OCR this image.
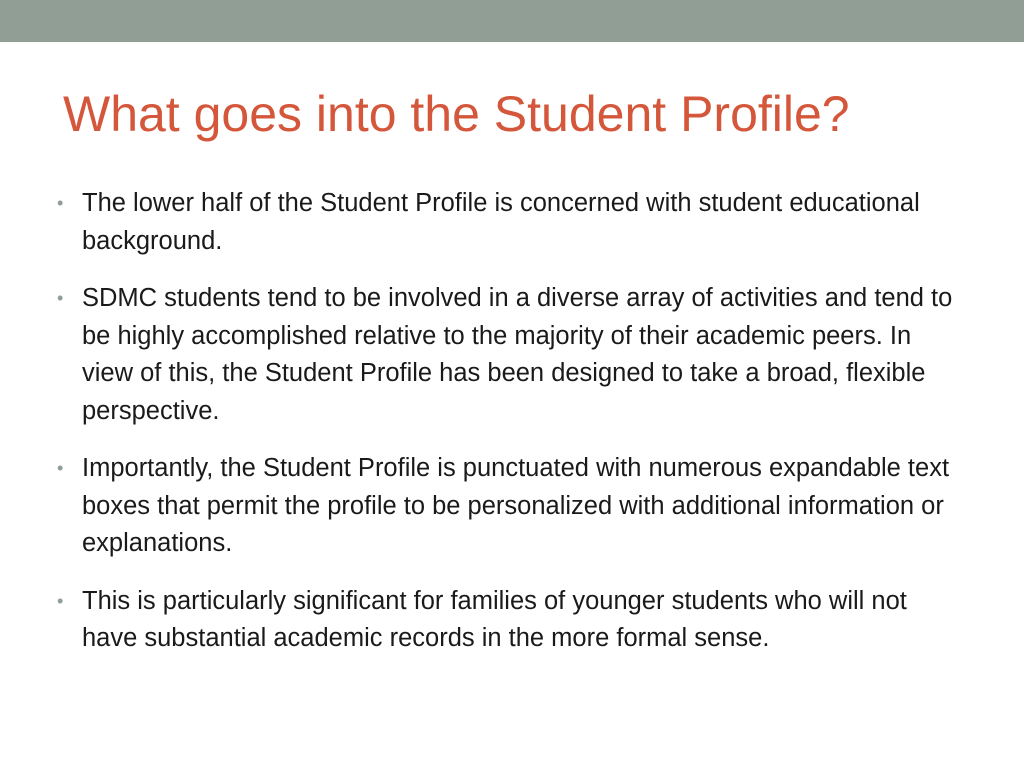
What goes into the Student Profile?
• The lower half of the Student Profile is concerned with student educational background.
• SDMC students tend to be involved in a diverse array of activities and tend to be highly accomplished relative to the majority of their academic peers. In view of this, the Student Profile has been designed to take a broad, flexible perspective.
• Importantly, the Student Profile is punctuated with numerous expandable text boxes that permit the profile to be personalized with additional information or explanations.
• This is particularly significant for families of younger students who will not have substantial academic records in the more formal sense.
